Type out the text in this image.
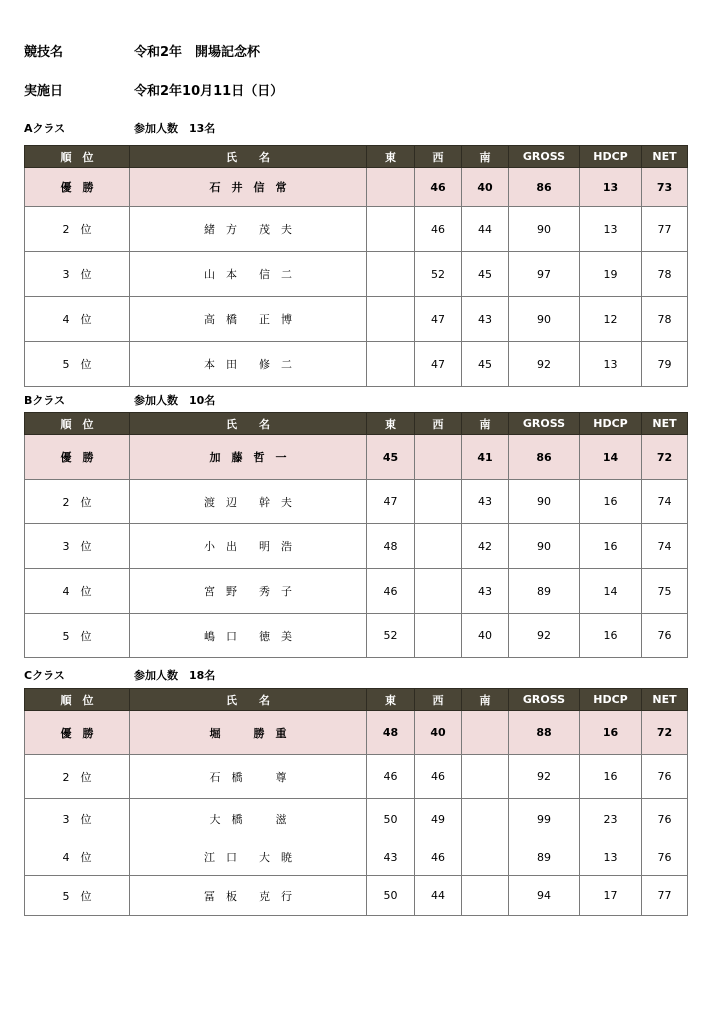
競技名	令和2年　開場記念杯
実施日	令和2年10月11日（日）
Aクラス	参加人数　13名
順　位	氏　　名	東	西	南	GROSS	HDCP	NET
優　勝	石　井　信　常		46	40	86	13	73
2　位	緒　方　　茂　夫		46	44	90	13	77
3　位	山　本　　信　二		52	45	97	19	78
4　位	高　橋　　正　博		47	43	90	12	78
5　位	本　田　　修　二		47	45	92	13	79
Bクラス	参加人数　10名
順　位	氏　　名	東	西	南	GROSS	HDCP	NET
優　勝	加　藤　哲　一	45		41	86	14	72
2　位	渡　辺　　幹　夫	47		43	90	16	74
3　位	小　出　　明　浩	48		42	90	16	74
4　位	宮　野　　秀　子	46		43	89	14	75
5　位	嶋　口　　徳　美	52		40	92	16	76
Cクラス	参加人数　18名
順　位	氏　　名	東	西	南	GROSS	HDCP	NET
優　勝	堀　　　勝　重	48	40		88	16	72
2　位	石　橋　　　尊	46	46		92	16	76
3　位	大　橋　　　滋	50	49		99	23	76
4　位	江　口　　大　暁	43	46		89	13	76
5　位	冨　板　　克　行	50	44		94	17	77
